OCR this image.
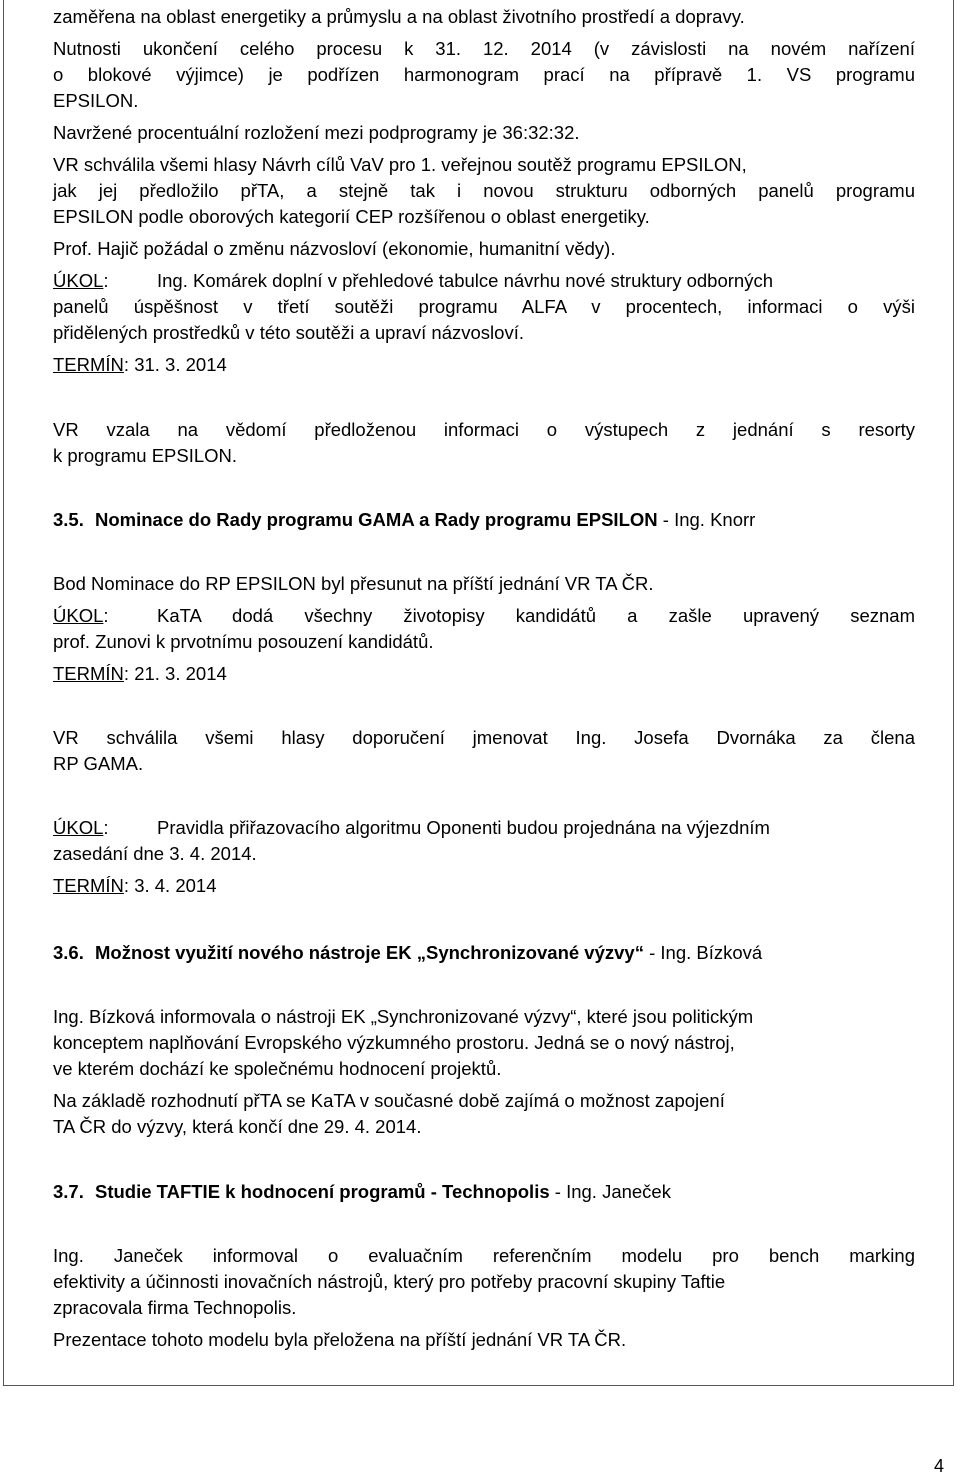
zaměřena na oblast energetiky a průmyslu a na oblast životního prostředí a dopravy.

Nutnosti ukončení celého procesu k 31. 12. 2014 (v závislosti na novém nařízení

o blokové výjimce) je podřízen harmonogram prací na přípravě 1. VS programu

EPSILON.

Navržené procentuální rozložení mezi podprogramy je 36:32:32.

VR schválila všemi hlasy Návrh cílů VaV pro 1. veřejnou soutěž programu EPSILON,

jak jej předložilo přTA, a stejně tak i novou strukturu odborných panelů programu

EPSILON podle oborových kategorií CEP rozšířenou o oblast energetiky.

Prof. Hajič požádal o změnu názvosloví (ekonomie, humanitní vědy).

ÚKOL:	Ing. Komárek doplní v přehledové tabulce návrhu nové struktury odborných

panelů úspěšnost v třetí soutěži programu ALFA v procentech, informaci o výši

přidělených prostředků v této soutěži a upraví názvosloví.

TERMÍN: 31. 3. 2014

VR vzala na vědomí předloženou informaci o výstupech z jednání s resorty

k programu EPSILON.

3.5. Nominace do Rady programu GAMA a Rady programu EPSILON - Ing. Knorr

Bod Nominace do RP EPSILON byl přesunut na příští jednání VR TA ČR.

ÚKOL:	KaTA dodá všechny životopisy kandidátů a zašle upravený seznam

prof. Zunovi k prvotnímu posouzení kandidátů.

TERMÍN: 21. 3. 2014

VR schválila všemi hlasy doporučení jmenovat Ing. Josefa Dvornáka za člena

RP GAMA.

ÚKOL:	Pravidla přiřazovacího algoritmu Oponenti budou projednána na výjezdním

zasedání dne 3. 4. 2014.

TERMÍN: 3. 4. 2014

3.6. Možnost využití nového nástroje EK „Synchronizované výzvy“ - Ing. Bízková

Ing. Bízková informovala o nástroji EK „Synchronizované výzvy“, které jsou politickým

konceptem naplňování Evropského výzkumného prostoru. Jedná se o nový nástroj,

ve kterém dochází ke společnému hodnocení projektů.

Na základě rozhodnutí přTA se KaTA v současné době zajímá o možnost zapojení

TA ČR do výzvy, která končí dne 29. 4. 2014.

3.7. Studie TAFTIE k hodnocení programů - Technopolis - Ing. Janeček

Ing. Janeček informoval o evaluačním referenčním modelu pro bench marking

efektivity a účinnosti inovačních nástrojů, který pro potřeby pracovní skupiny Taftie

zpracovala firma Technopolis.

Prezentace tohoto modelu byla přeložena na příští jednání VR TA ČR.

4
